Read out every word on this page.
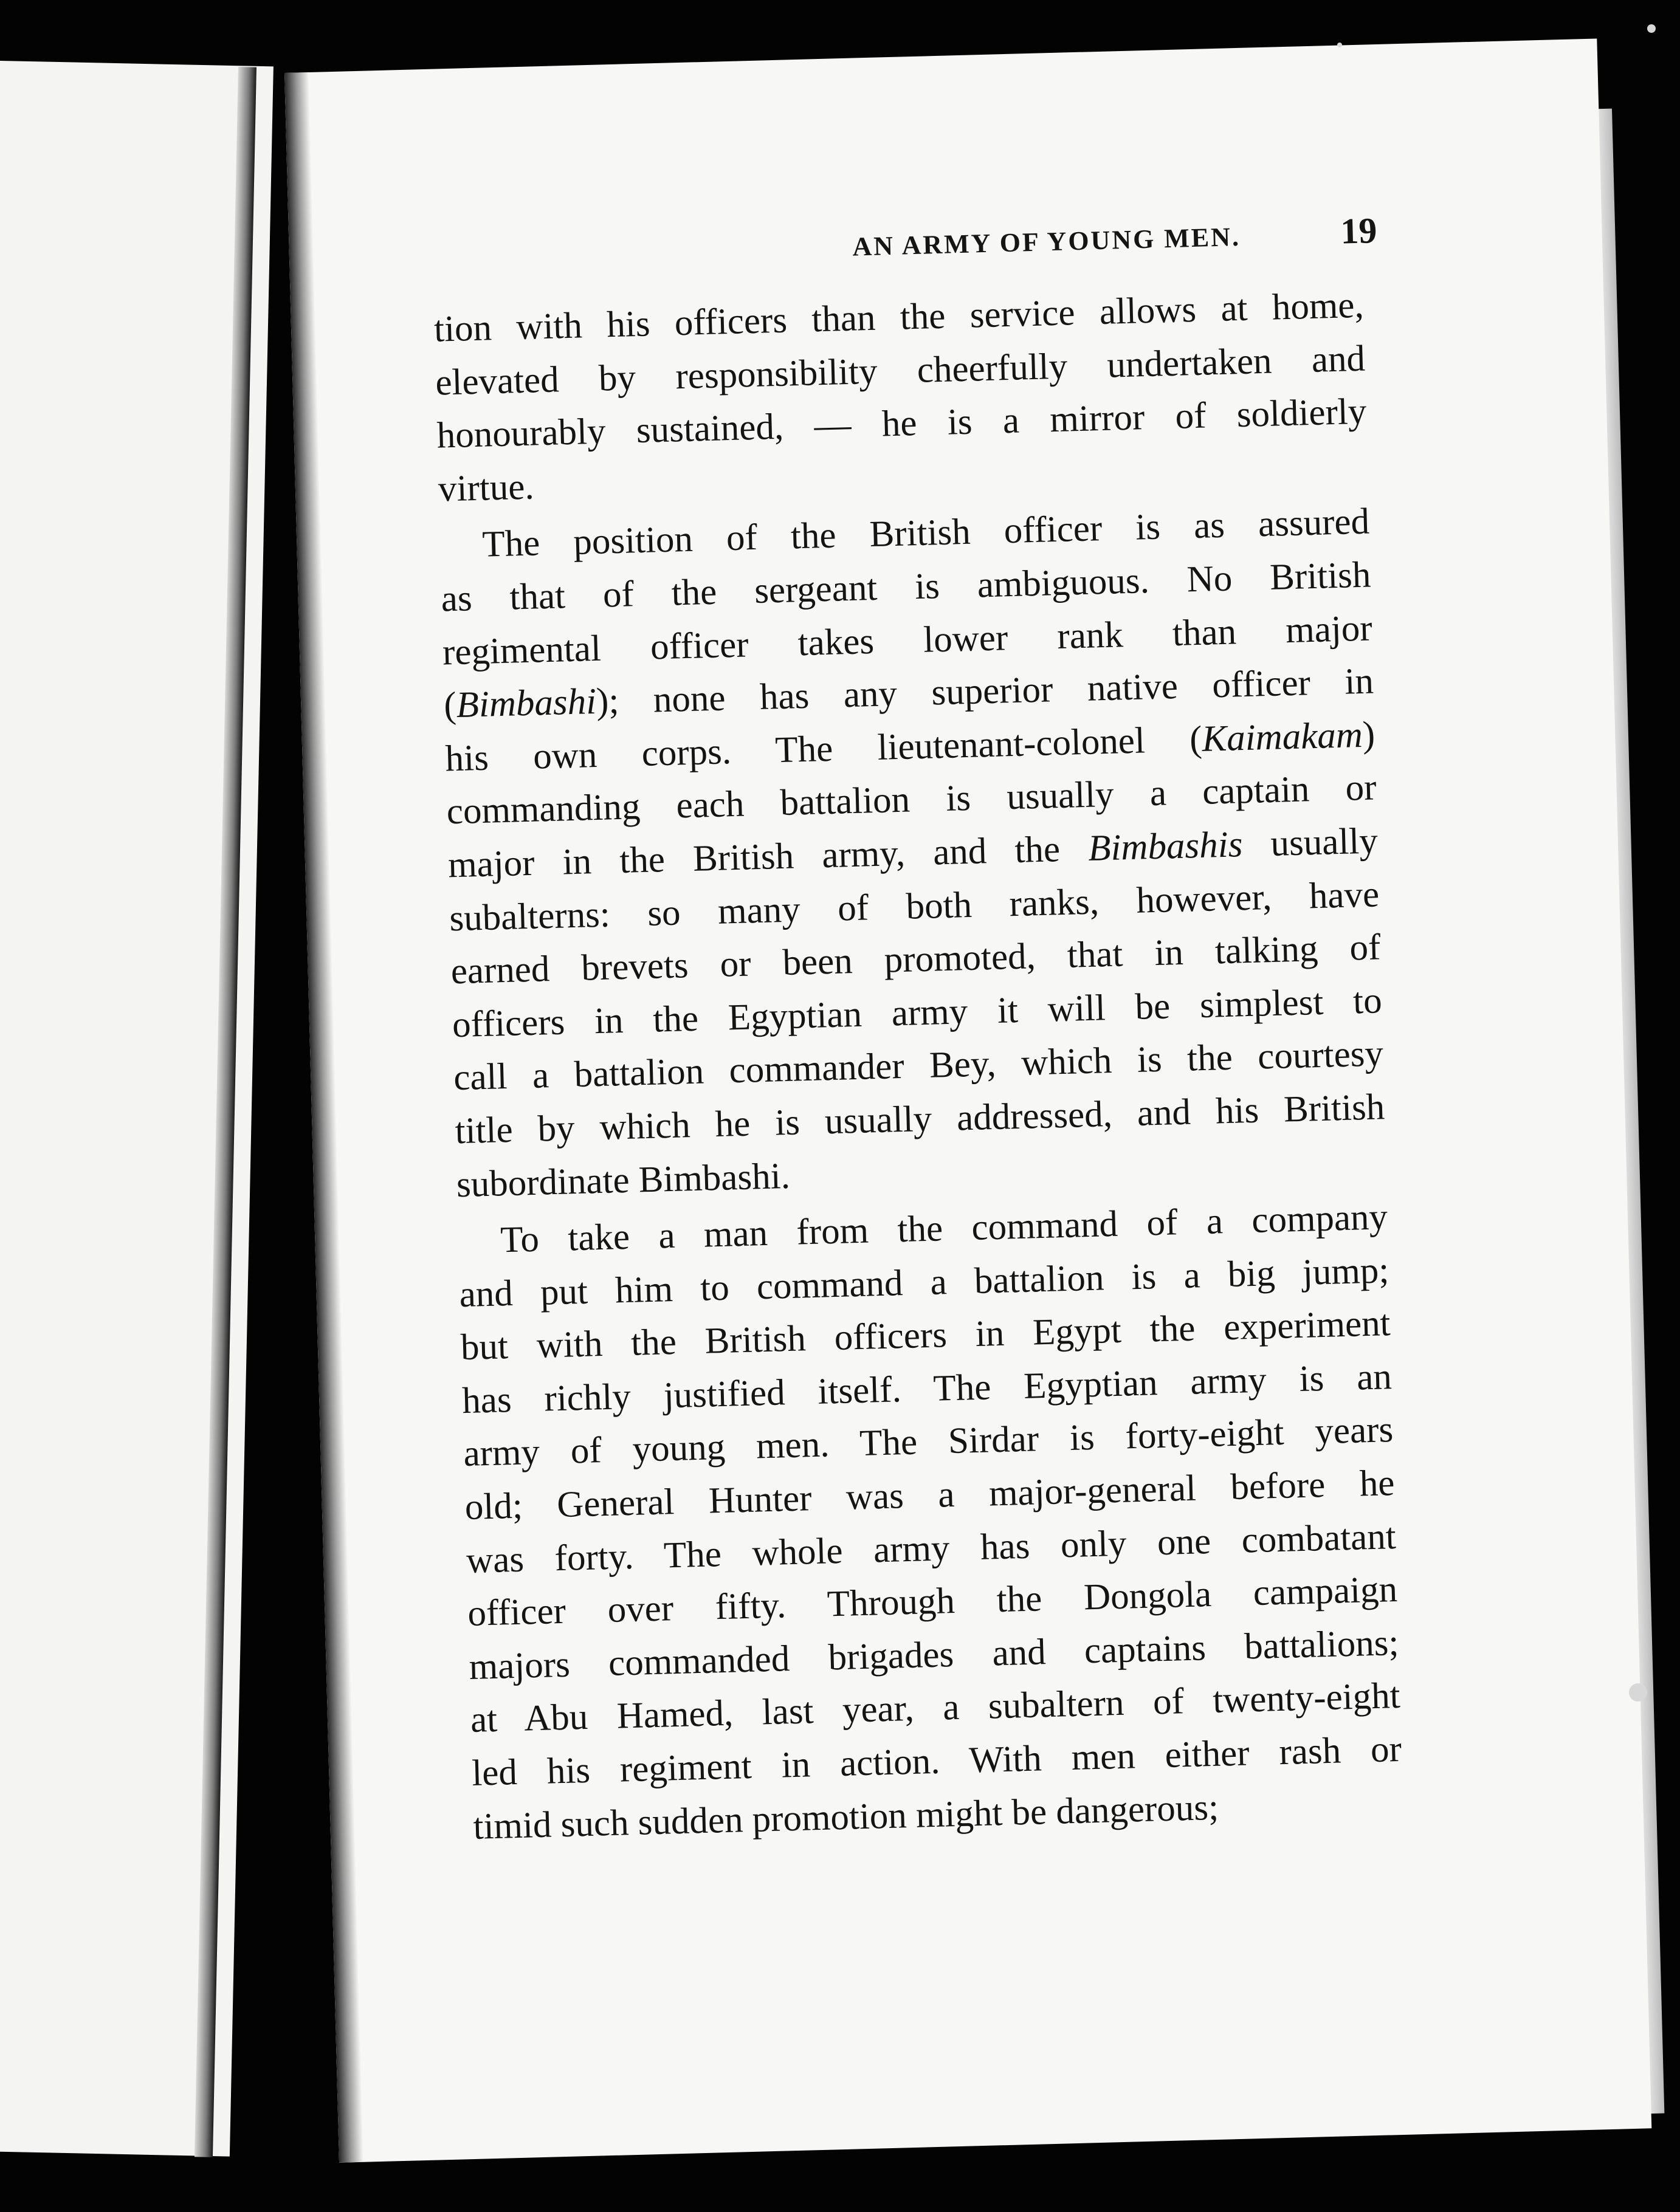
AN ARMY OF YOUNG MEN.	19
tion with his officers than the service allows at home,
elevated by responsibility cheerfully undertaken and
honourably sustained, — he is a mirror of soldierly
virtue.
The position of the British officer is as assured
as that of the sergeant is ambiguous. No British
regimental officer takes lower rank than major
(Bimbashi); none has any superior native officer in
his own corps. The lieutenant-colonel (Kaimakam)
commanding each battalion is usually a captain or
major in the British army, and the Bimbashis usually
subalterns: so many of both ranks, however, have
earned brevets or been promoted, that in talking of
officers in the Egyptian army it will be simplest to
call a battalion commander Bey, which is the courtesy
title by which he is usually addressed, and his British
subordinate Bimbashi.
To take a man from the command of a company
and put him to command a battalion is a big jump;
but with the British officers in Egypt the experiment
has richly justified itself. The Egyptian army is an
army of young men. The Sirdar is forty-eight years
old; General Hunter was a major-general before he
was forty. The whole army has only one combatant
officer over fifty. Through the Dongola campaign
majors commanded brigades and captains battalions;
at Abu Hamed, last year, a subaltern of twenty-eight
led his regiment in action. With men either rash or
timid such sudden promotion might be dangerous;
